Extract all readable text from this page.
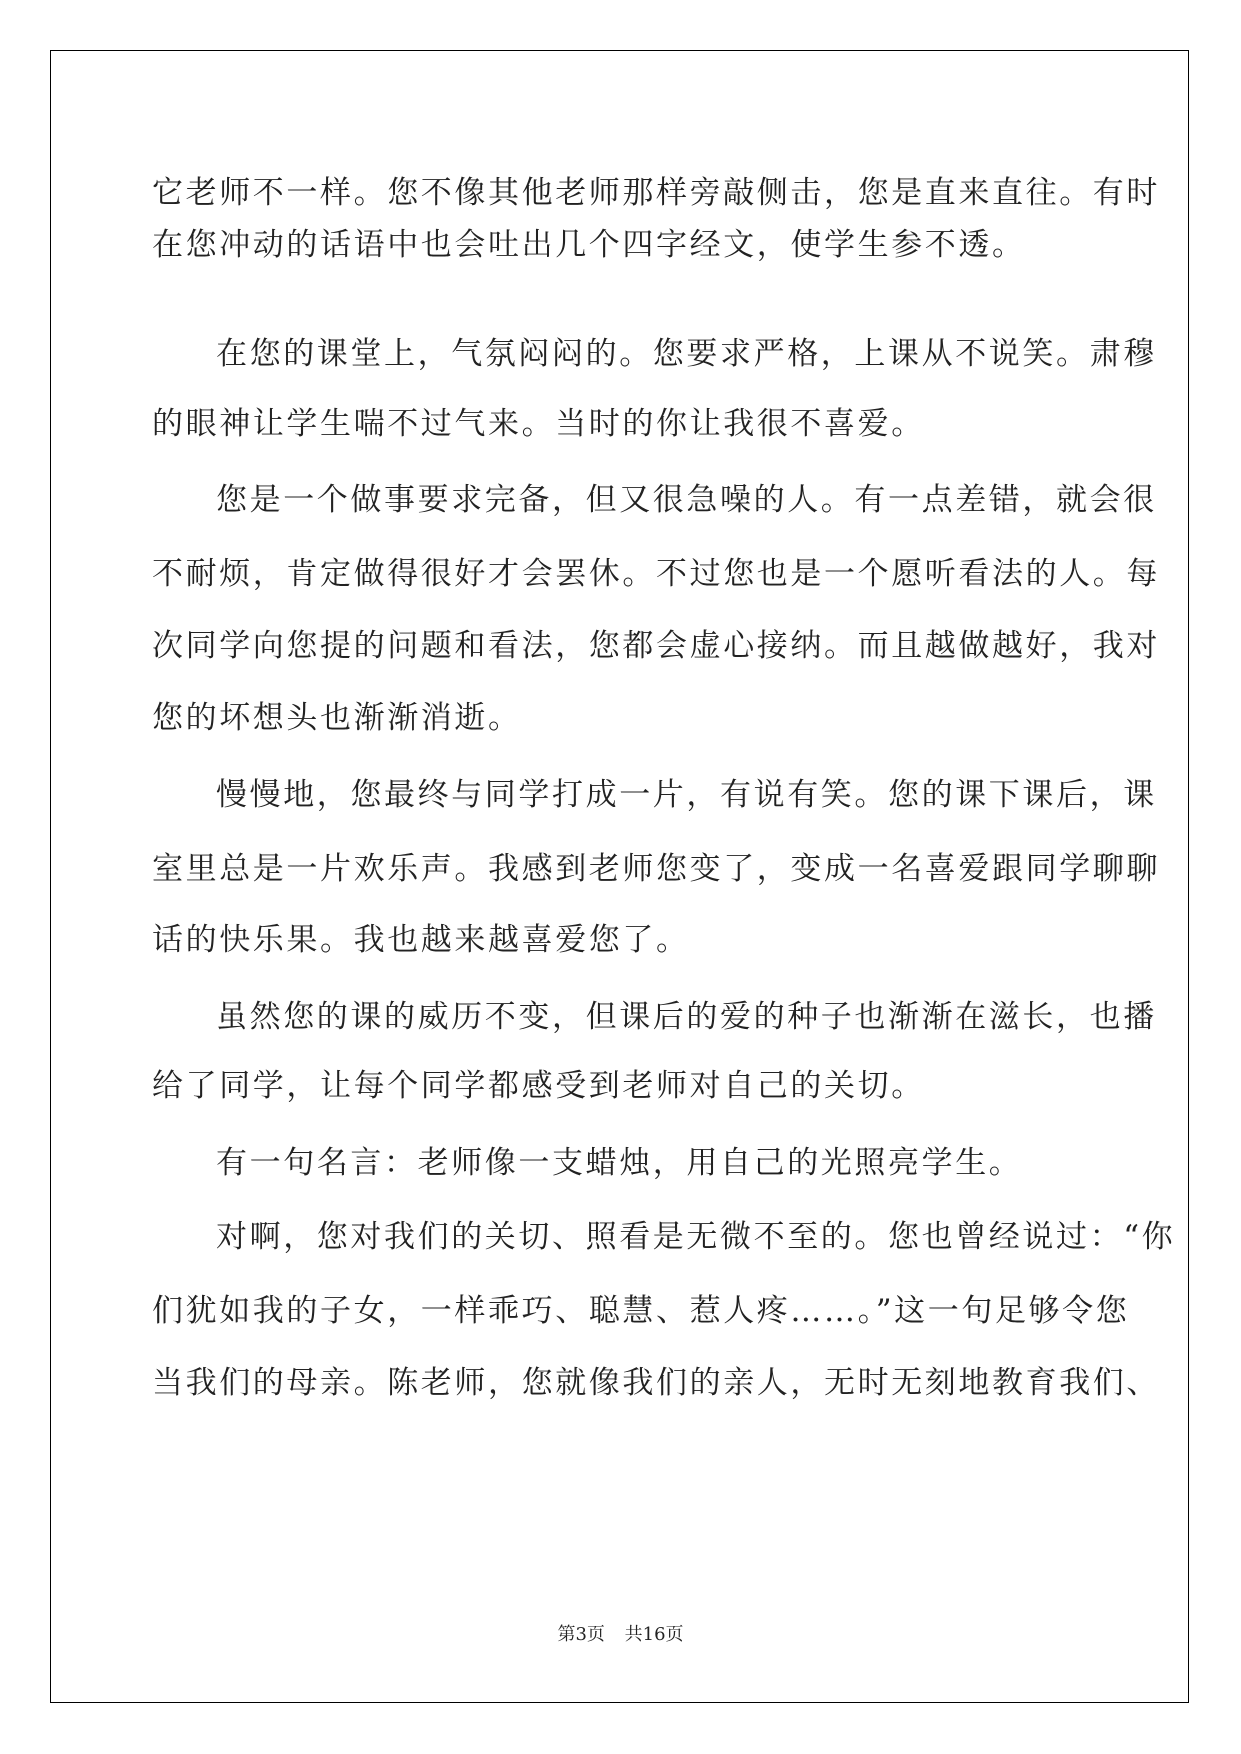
它老师不一样。您不像其他老师那样旁敲侧击，您是直来直往。有时

在您冲动的话语中也会吐出几个四字经文，使学生参不透。

在您的课堂上，气氛闷闷的。您要求严格，上课从不说笑。肃穆

的眼神让学生喘不过气来。当时的你让我很不喜爱。

您是一个做事要求完备，但又很急噪的人。有一点差错，就会很

不耐烦，肯定做得很好才会罢休。不过您也是一个愿听看法的人。每

次同学向您提的问题和看法，您都会虚心接纳。而且越做越好，我对

您的坏想头也渐渐消逝。

慢慢地，您最终与同学打成一片，有说有笑。您的课下课后，课

室里总是一片欢乐声。我感到老师您变了，变成一名喜爱跟同学聊聊

话的快乐果。我也越来越喜爱您了。

虽然您的课的威历不变，但课后的爱的种子也渐渐在滋长，也播

给了同学，让每个同学都感受到老师对自己的关切。

有一句名言：老师像一支蜡烛，用自己的光照亮学生。

对啊，您对我们的关切、照看是无微不至的。您也曾经说过：“你

们犹如我的子女，一样乖巧、聪慧、惹人疼……。”这一句足够令您

当我们的母亲。陈老师，您就像我们的亲人，无时无刻地教育我们、

第3页 共16页
